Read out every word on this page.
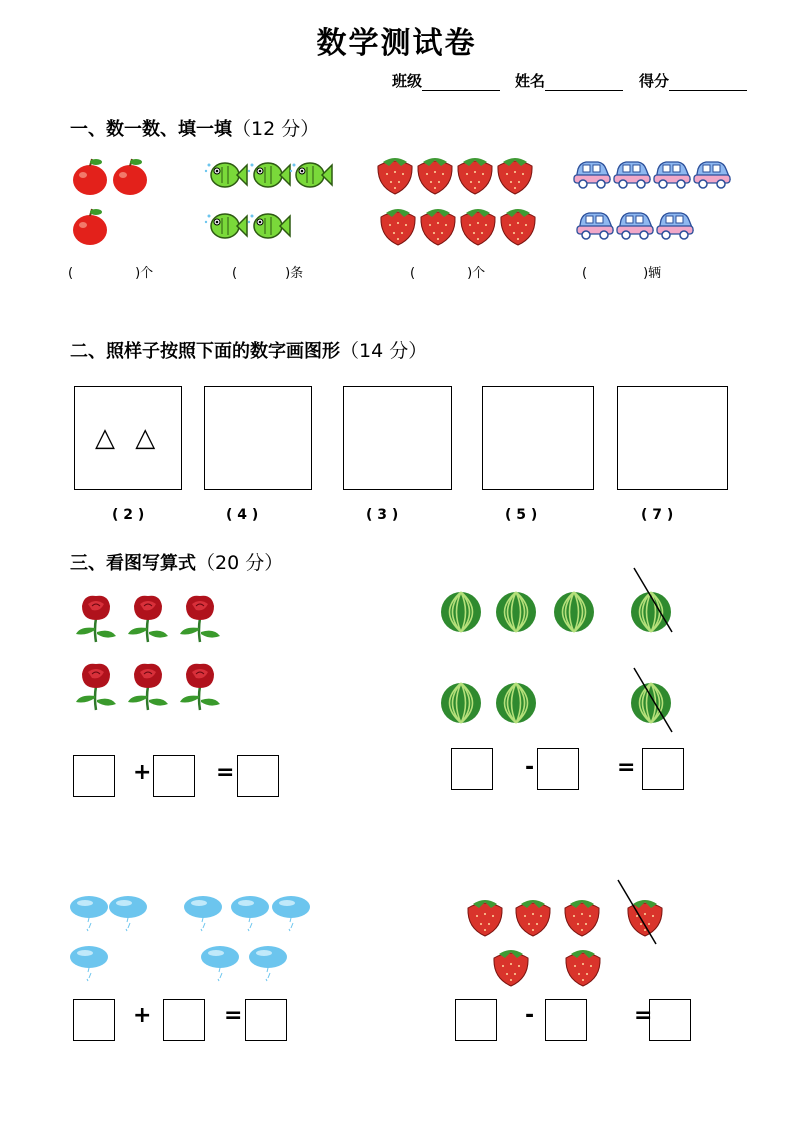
数学测试卷
班级	姓名	得分
一、数一数、填一填（12 分）
(	)个	(	)条	(	)个	(	)辆
二、照样子按照下面的数字画图形（14 分）
△ △
( 2 )	( 4 )	( 3 )	( 5 )	( 7 )
三、看图写算式（20 分）
+	=	-	=
+	=	-	=
